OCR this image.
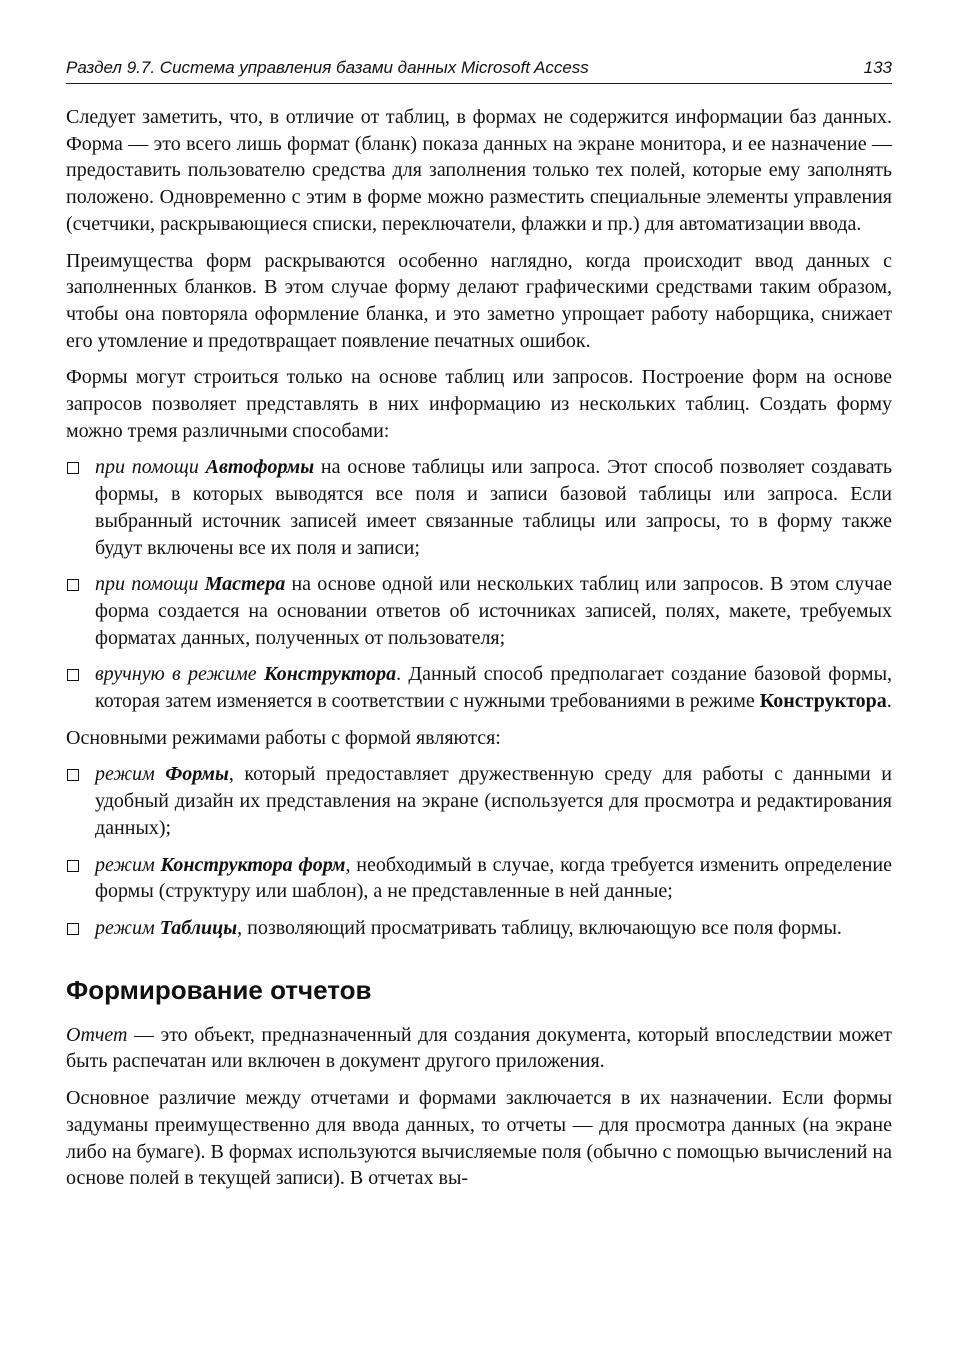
Раздел 9.7. Система управления базами данных Microsoft Access	133

Следует заметить, что, в отличие от таблиц, в формах не содержится информации баз данных. Форма — это всего лишь формат (бланк) показа данных на экране монитора, и ее назначение — предоставить пользователю средства для заполнения только тех полей, которые ему заполнять положено. Одновременно с этим в форме можно разместить специальные элементы управления (счетчики, раскрывающиеся списки, переключатели, флажки и пр.) для автоматизации ввода.

Преимущества форм раскрываются особенно наглядно, когда происходит ввод данных с заполненных бланков. В этом случае форму делают графическими средствами таким образом, чтобы она повторяла оформление бланка, и это заметно упрощает работу наборщика, снижает его утомление и предотвращает появление печатных ошибок.

Формы могут строиться только на основе таблиц или запросов. Построение форм на основе запросов позволяет представлять в них информацию из нескольких таблиц. Создать форму можно тремя различными способами:

при помощи Автоформы на основе таблицы или запроса. Этот способ позволяет создавать формы, в которых выводятся все поля и записи базовой таблицы или запроса. Если выбранный источник записей имеет связанные таблицы или запросы, то в форму также будут включены все их поля и записи;
при помощи Мастера на основе одной или нескольких таблиц или запросов. В этом случае форма создается на основании ответов об источниках записей, полях, макете, требуемых форматах данных, полученных от пользователя;
вручную в режиме Конструктора. Данный способ предполагает создание базовой формы, которая затем изменяется в соответствии с нужными требованиями в режиме Конструктора.

Основными режимами работы с формой являются:

режим Формы, который предоставляет дружественную среду для работы с данными и удобный дизайн их представления на экране (используется для просмотра и редактирования данных);
режим Конструктора форм, необходимый в случае, когда требуется изменить определение формы (структуру или шаблон), а не представленные в ней данные;
режим Таблицы, позволяющий просматривать таблицу, включающую все поля формы.
Формирование отчетов

Отчет — это объект, предназначенный для создания документа, который впоследствии может быть распечатан или включен в документ другого приложения.

Основное различие между отчетами и формами заключается в их назначении. Если формы задуманы преимущественно для ввода данных, то отчеты — для просмотра данных (на экране либо на бумаге). В формах используются вычисляемые поля (обычно с помощью вычислений на основе полей в текущей записи). В отчетах вы-
